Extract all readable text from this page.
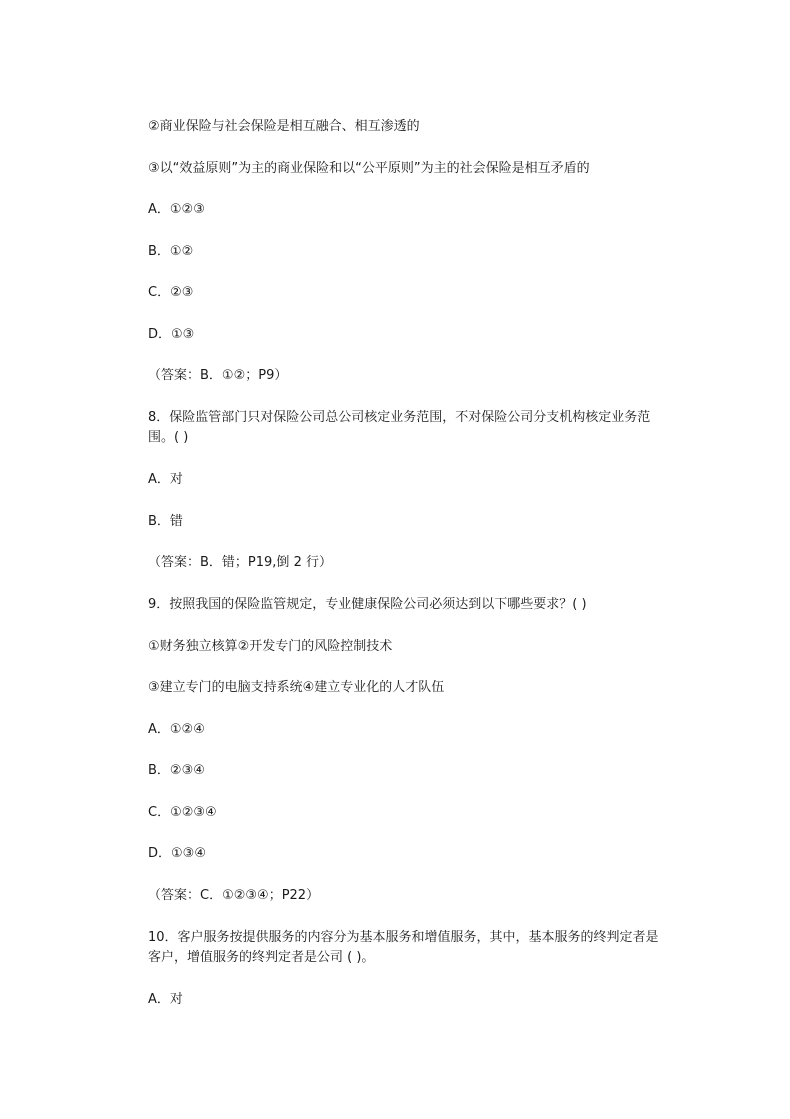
②商业保险与社会保险是相互融合、相互渗透的
③以“效益原则”为主的商业保险和以“公平原则”为主的社会保险是相互矛盾的
A．①②③
B．①②
C．②③
D．①③
（答案：B．①②；P9）
8．保险监管部门只对保险公司总公司核定业务范围，不对保险公司分支机构核定业务范围。( )
A．对
B．错
（答案：B．错；P19,倒 2 行）
9．按照我国的保险监管规定，专业健康保险公司必须达到以下哪些要求？( )
①财务独立核算②开发专门的风险控制技术
③建立专门的电脑支持系统④建立专业化的人才队伍
A．①②④
B．②③④
C．①②③④
D．①③④
（答案：C．①②③④；P22）
10．客户服务按提供服务的内容分为基本服务和增值服务，其中，基本服务的终判定者是客户，增值服务的终判定者是公司 ( )。
A．对
